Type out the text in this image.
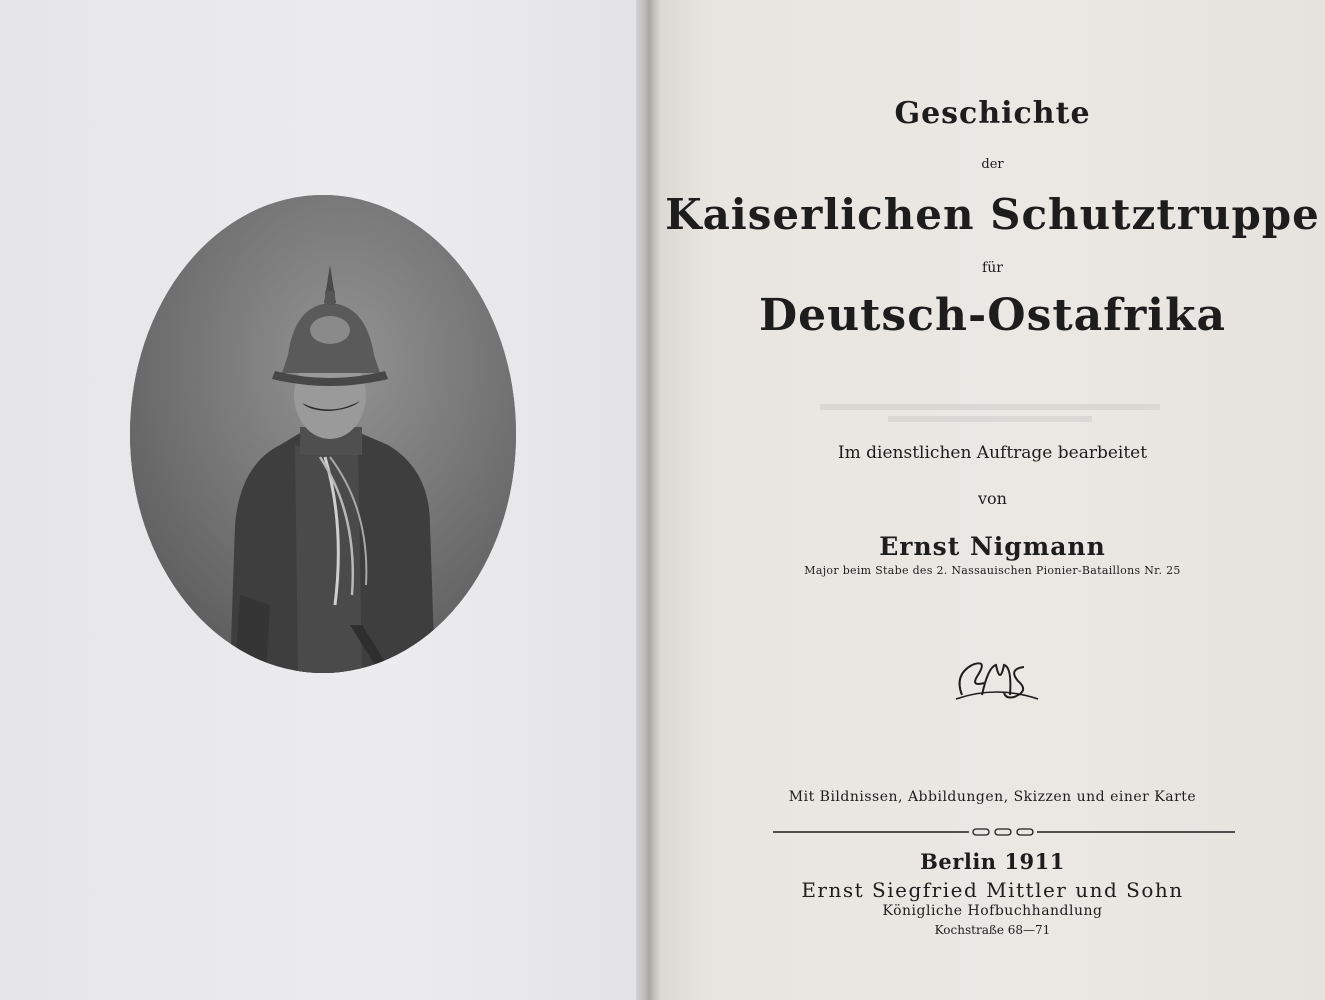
Geschichte

der

Kaiserlichen Schutztruppe

für

Deutsch-Ostafrika

Im dienstlichen Auftrage bearbeitet

von

Ernst Nigmann

Major beim Stabe des 2. Nassauischen Pionier-Bataillons Nr. 25

Mit Bildnissen, Abbildungen, Skizzen und einer Karte

Berlin 1911

Ernst Siegfried Mittler und Sohn

Königliche Hofbuchhandlung

Kochstraße 68—71
